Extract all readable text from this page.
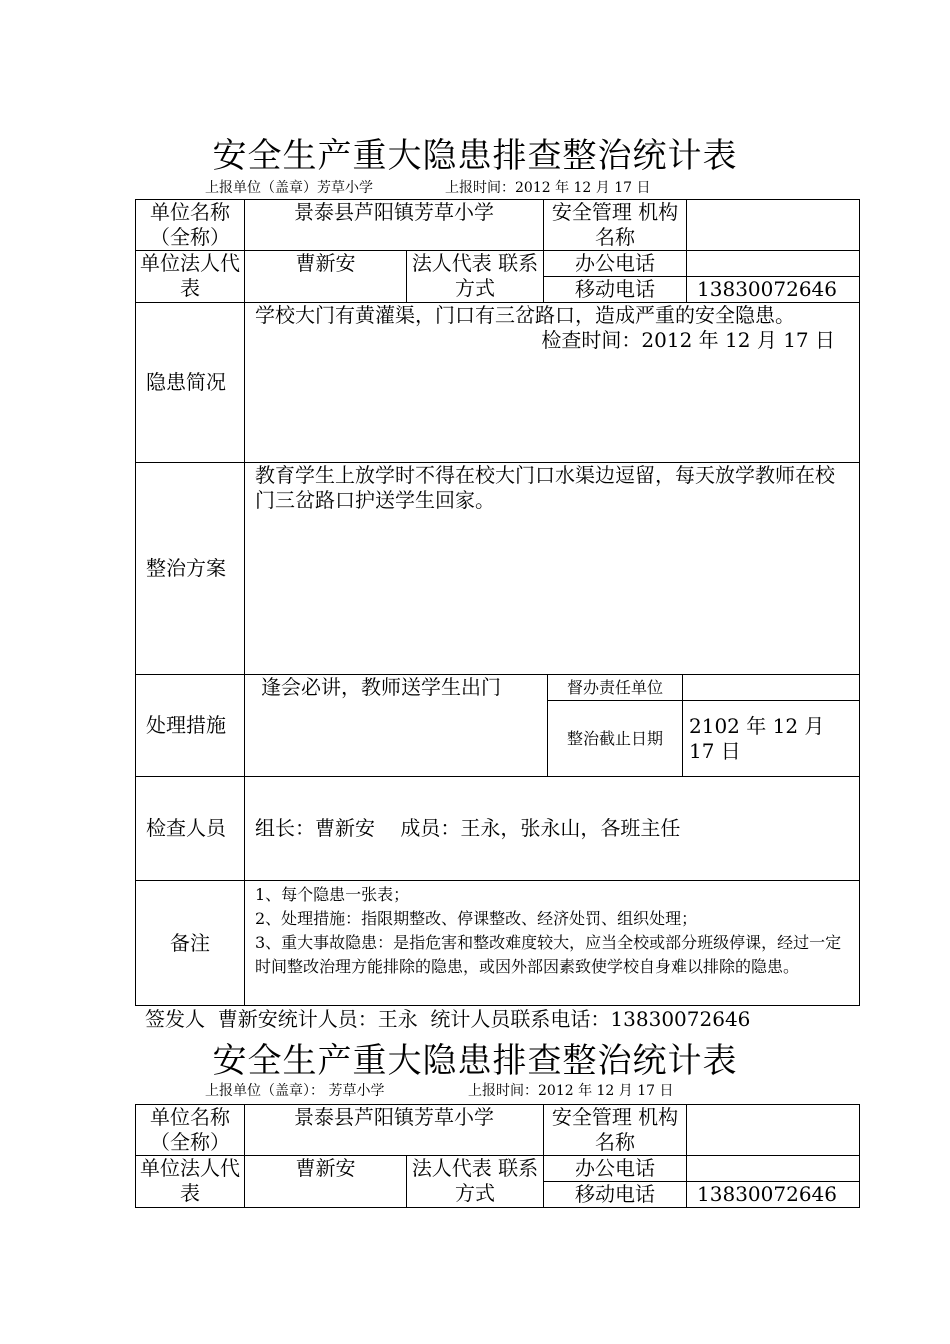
安全生产重大隐患排查整治统计表
上报单位（盖章）芳草小学	上报时间：2012 年 12 月 17 日
单位名称（全称）	景泰县芦阳镇芳草小学		安全管理 机构名称			
单位法人代表	曹新安	法人代表 联系方式	办公电话			
			移动电话			13830072646
隐患简况	学校大门有黄灌渠，门口有三岔路口，造成严重的安全隐患。
检查时间：2012 年 12 月 17 日					

整治方案	教育学生上放学时不得在校大门口水渠边逗留，每天放学教师在校门三岔路口护送学生回家。					
处理措施	逢会必讲，教师送学生出门			督办责任单位		
				整治截止日期	2102 年 12 月 17 日	
检查人员	组长：曹新安    成员：王永，张永山，各班主任					
备注	1、每个隐患一张表；

2、处理措施：指限期整改、停课整改、经济处罚、组织处理；

3、重大事故隐患：是指危害和整改难度较大，应当全校或部分班级停课，经过一定时间整改治理方能排除的隐患，或因外部因素致使学校自身难以排除的隐患。					

签发人  曹新安统计人员：王永  统计人员联系电话：13830072646
安全生产重大隐患排查整治统计表
上报单位（盖章）： 芳草小学	上报时间：2012 年 12 月 17 日
单位名称（全称）	景泰县芦阳镇芳草小学		安全管理 机构名称	
单位法人代表	曹新安	法人代表 联系方式	办公电话	
			移动电话	13830072646
